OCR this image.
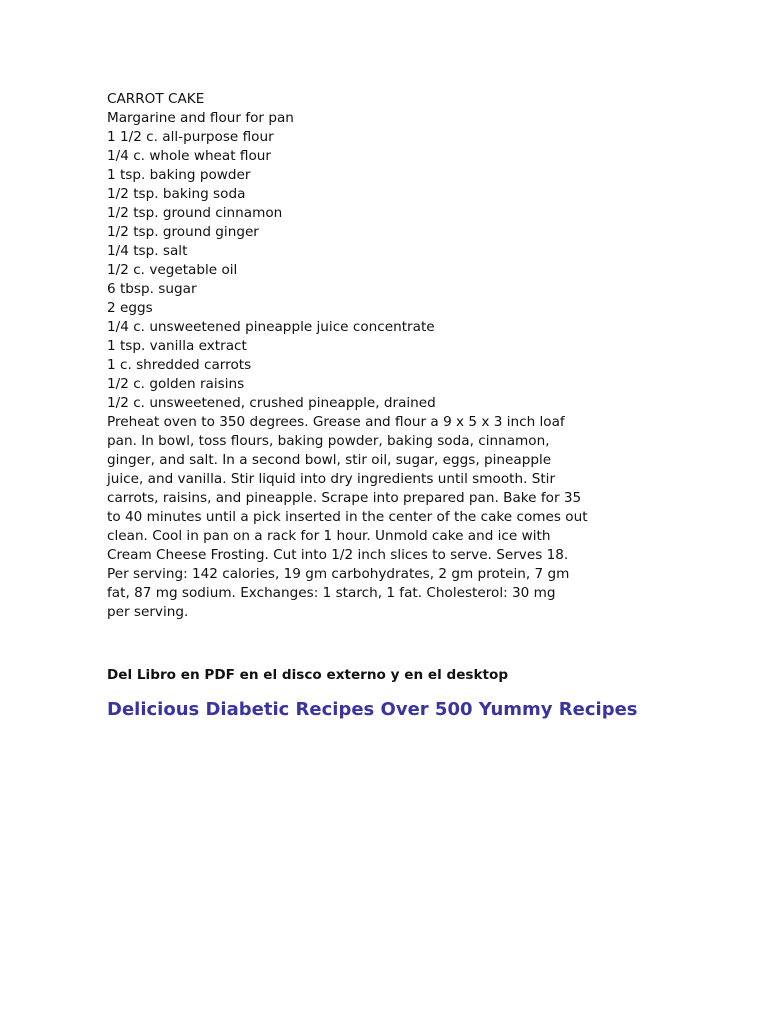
CARROT CAKE
Margarine and flour for pan
1 1/2 c. all-purpose flour
1/4 c. whole wheat flour
1 tsp. baking powder
1/2 tsp. baking soda
1/2 tsp. ground cinnamon
1/2 tsp. ground ginger
1/4 tsp. salt
1/2 c. vegetable oil
6 tbsp. sugar
2 eggs
1/4 c. unsweetened pineapple juice concentrate
1 tsp. vanilla extract
1 c. shredded carrots
1/2 c. golden raisins
1/2 c. unsweetened, crushed pineapple, drained
Preheat oven to 350 degrees. Grease and flour a 9 x 5 x 3 inch loaf
pan. In bowl, toss flours, baking powder, baking soda, cinnamon,
ginger, and salt. In a second bowl, stir oil, sugar, eggs, pineapple
juice, and vanilla. Stir liquid into dry ingredients until smooth. Stir
carrots, raisins, and pineapple. Scrape into prepared pan. Bake for 35
to 40 minutes until a pick inserted in the center of the cake comes out
clean. Cool in pan on a rack for 1 hour. Unmold cake and ice with
Cream Cheese Frosting. Cut into 1/2 inch slices to serve. Serves 18.
Per serving: 142 calories, 19 gm carbohydrates, 2 gm protein, 7 gm
fat, 87 mg sodium. Exchanges: 1 starch, 1 fat. Cholesterol: 30 mg
per serving.
Del Libro en PDF en el disco externo y en el desktop
Delicious Diabetic Recipes Over 500 Yummy Recipes
